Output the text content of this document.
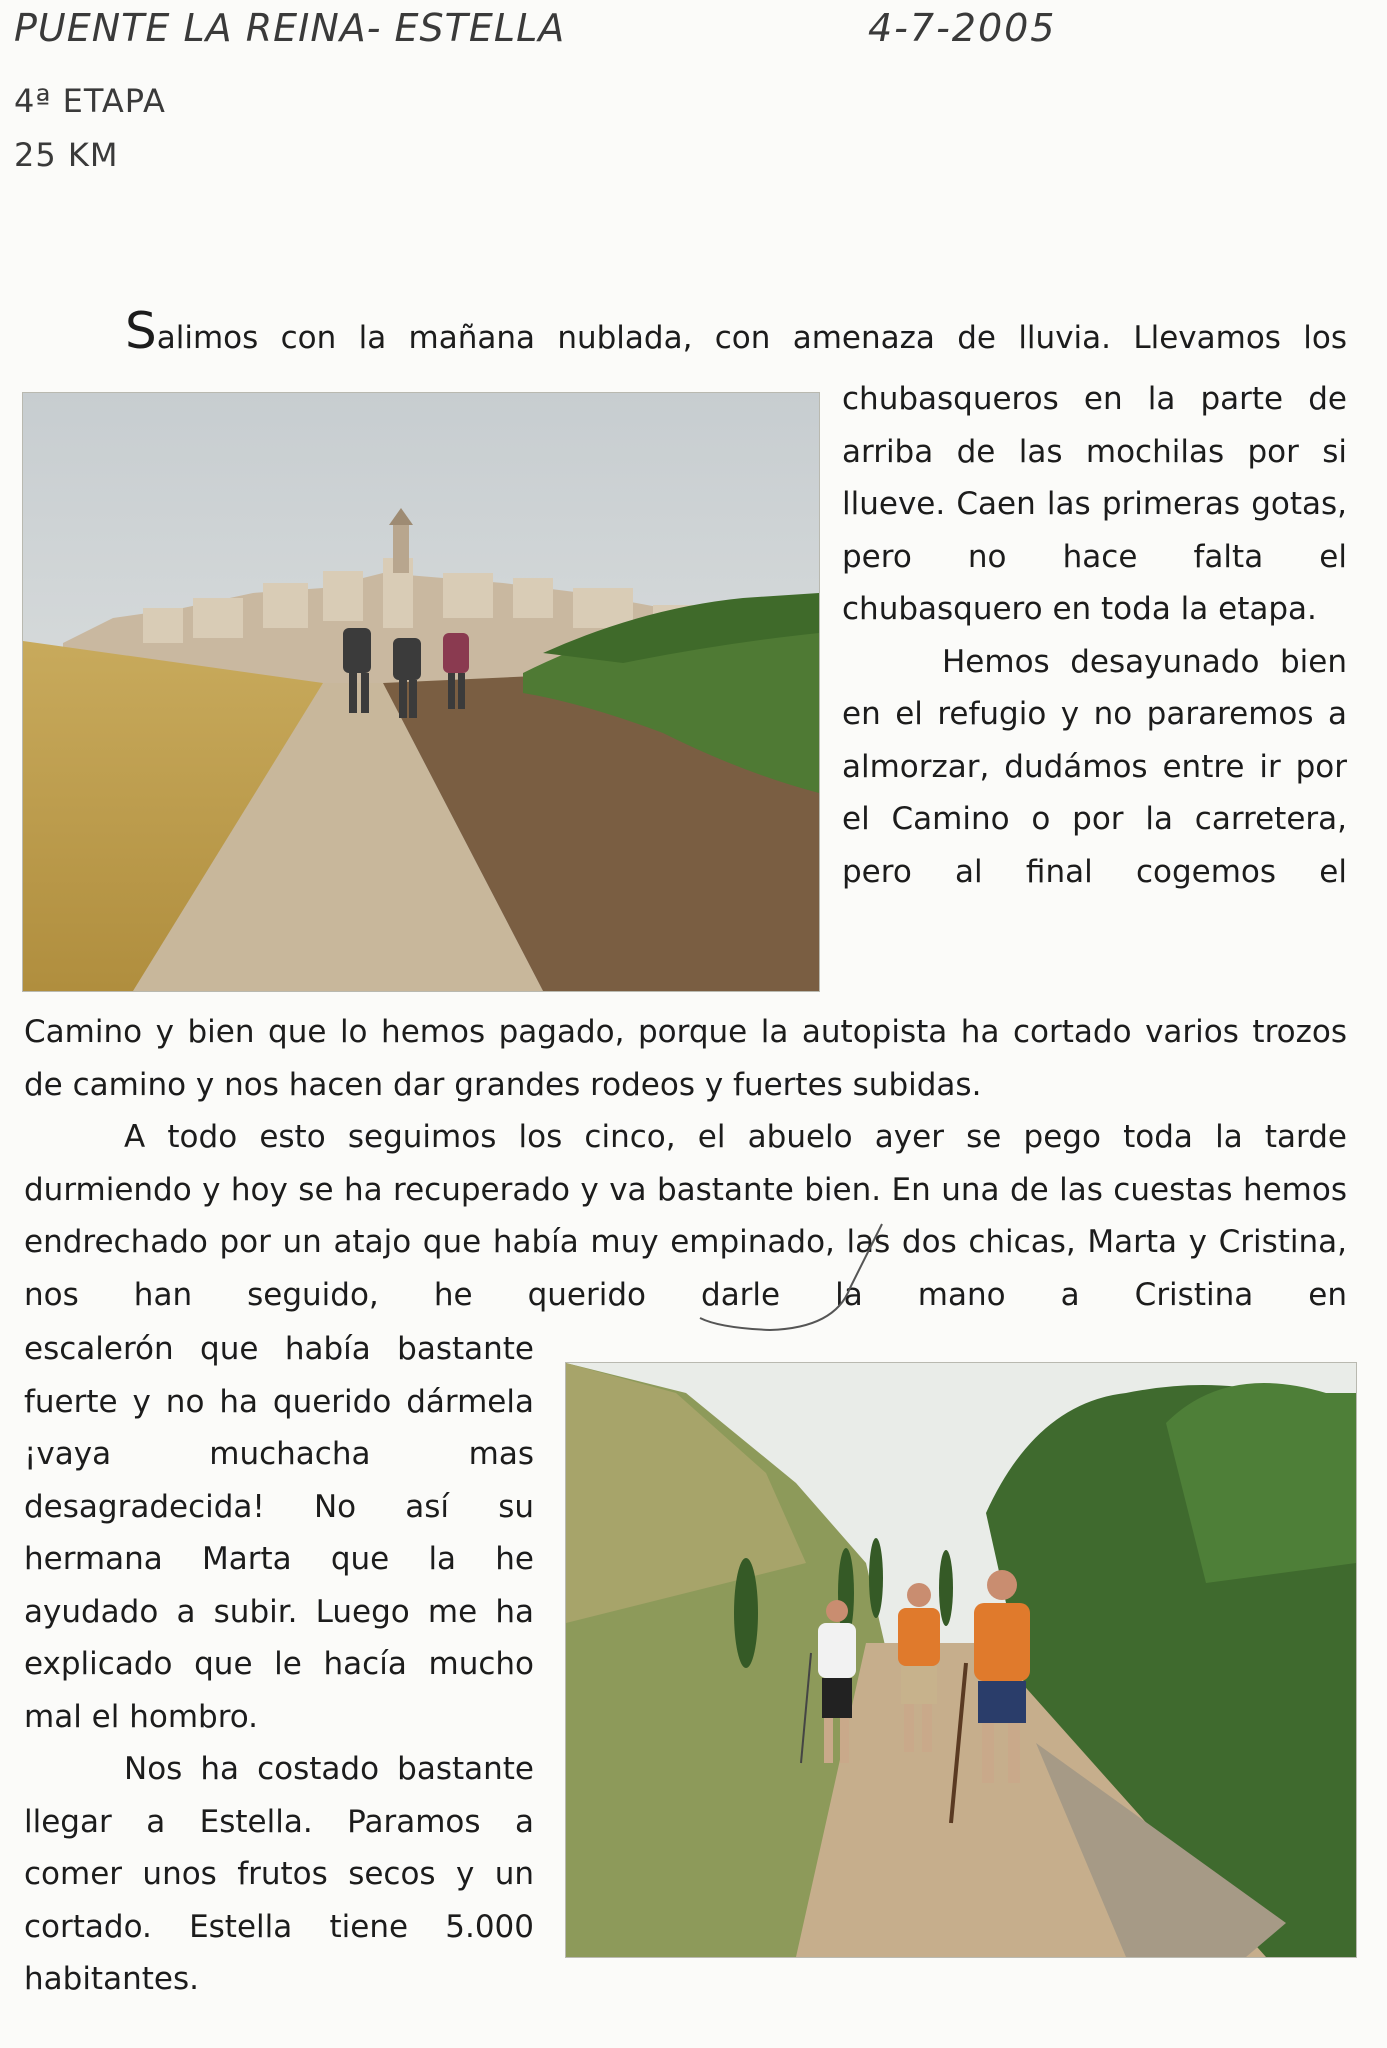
PUENTE LA REINA- ESTELLA	4-7-2005
4ª ETAPA
25 KM
Salimos con la mañana nublada, con amenaza de lluvia. Llevamos los

chubasqueros en la parte de arriba de las mochilas por si llueve. Caen las primeras gotas, pero no hace falta el chubasquero en toda la etapa.

Hemos desayunado bien en el refugio y no pararemos a almorzar, dudámos entre ir por el Camino o por la carretera, pero al final cogemos el

Camino y bien que lo hemos pagado, porque la autopista ha cortado varios trozos de camino y nos hacen dar grandes rodeos y fuertes subidas.

A todo esto seguimos los cinco, el abuelo ayer se pego toda la tarde durmiendo y hoy se ha recuperado y va bastante bien. En una de las cuestas hemos endrechado por un atajo que había muy empinado, las dos chicas, Marta y Cristina, nos han seguido, he querido darle la mano a Cristina en

escalerón que había bastante fuerte y no ha querido dármela ¡vaya muchacha mas desagradecida! No así su hermana Marta que la he ayudado a subir. Luego me ha explicado que le hacía mucho mal el hombro.

Nos ha costado bastante llegar a Estella. Paramos a comer unos frutos secos y un cortado. Estella tiene 5.000 habitantes.
